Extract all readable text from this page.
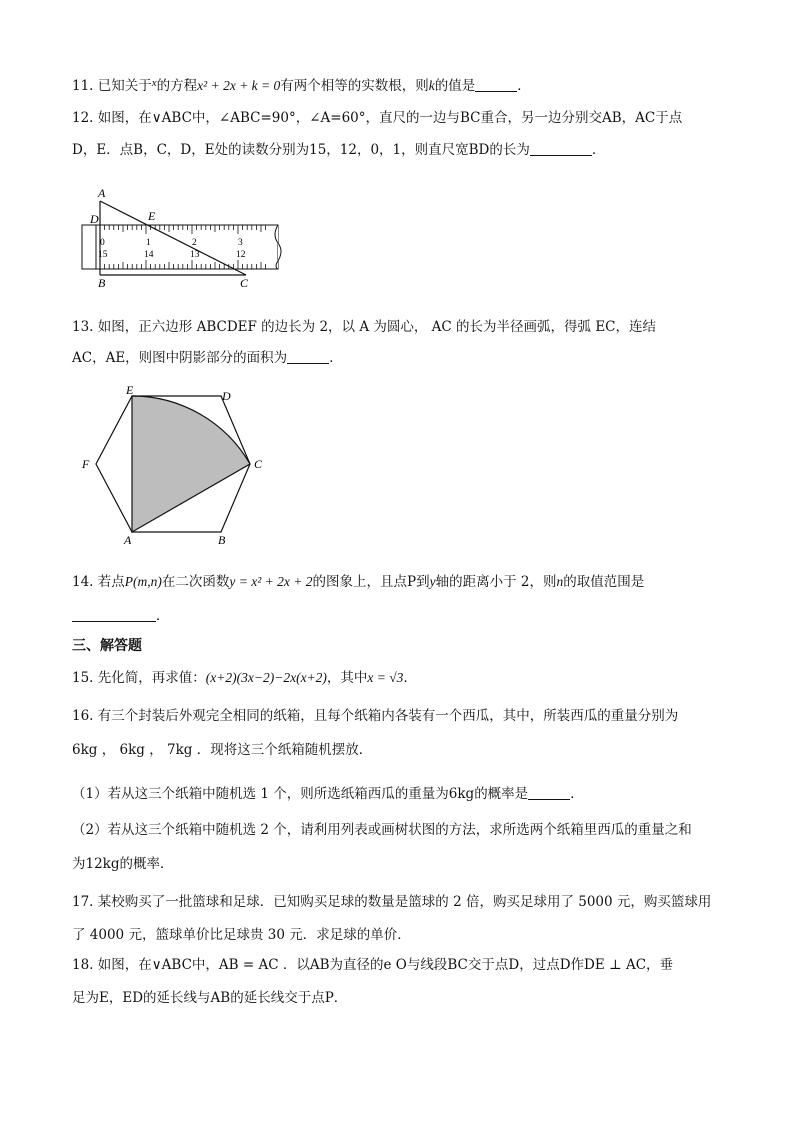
11. 已知关于$^x$的方程x² + 2x + k = 0有两个相等的实数根，则k的值是	．
12. 如图，在∨ABC中，∠ABC=90°，∠A=60°，直尺的一边与BC重合，另一边分别交AB，AC于点
D，E．点B，C，D，E处的读数分别为15，12，0，1，则直尺宽BD的长为	．
A
D	E
B	C
0	1	2	3
15	14	13	12
13. 如图，正六边形 ABCDEF 的边长为 2，以 A 为圆心， AC 的长为半径画弧，得弧 EC，连结
AC，AE，则图中阴影部分的面积为	．
E	D
C
B
A
F
14. 若点P(m,n)在二次函数y = x² + 2x + 2的图象上，且点P到y轴的距离小于 2，则n的取值范围是
．
三、解答题
15. 先化简，再求值：(x+2)(3x−2)−2x(x+2)，其中x = √3．
16. 有三个封装后外观完全相同的纸箱，且每个纸箱内各装有一个西瓜，其中，所装西瓜的重量分别为
6kg ， 6kg ， 7kg ．现将这三个纸箱随机摆放．
（1）若从这三个纸箱中随机选 1 个，则所选纸箱西瓜的重量为6kg的概率是	．
（2）若从这三个纸箱中随机选 2 个，请利用列表或画树状图的方法，求所选两个纸箱里西瓜的重量之和
为12kg的概率．
17. 某校购买了一批篮球和足球．已知购买足球的数量是篮球的 2 倍，购买足球用了 5000 元，购买篮球用
了 4000 元，篮球单价比足球贵 30 元．求足球的单价．
18. 如图，在∨ABC中，AB = AC ．以AB为直径的e O与线段BC交于点D，过点D作DE ⊥ AC，垂
足为E，ED的延长线与AB的延长线交于点P．
